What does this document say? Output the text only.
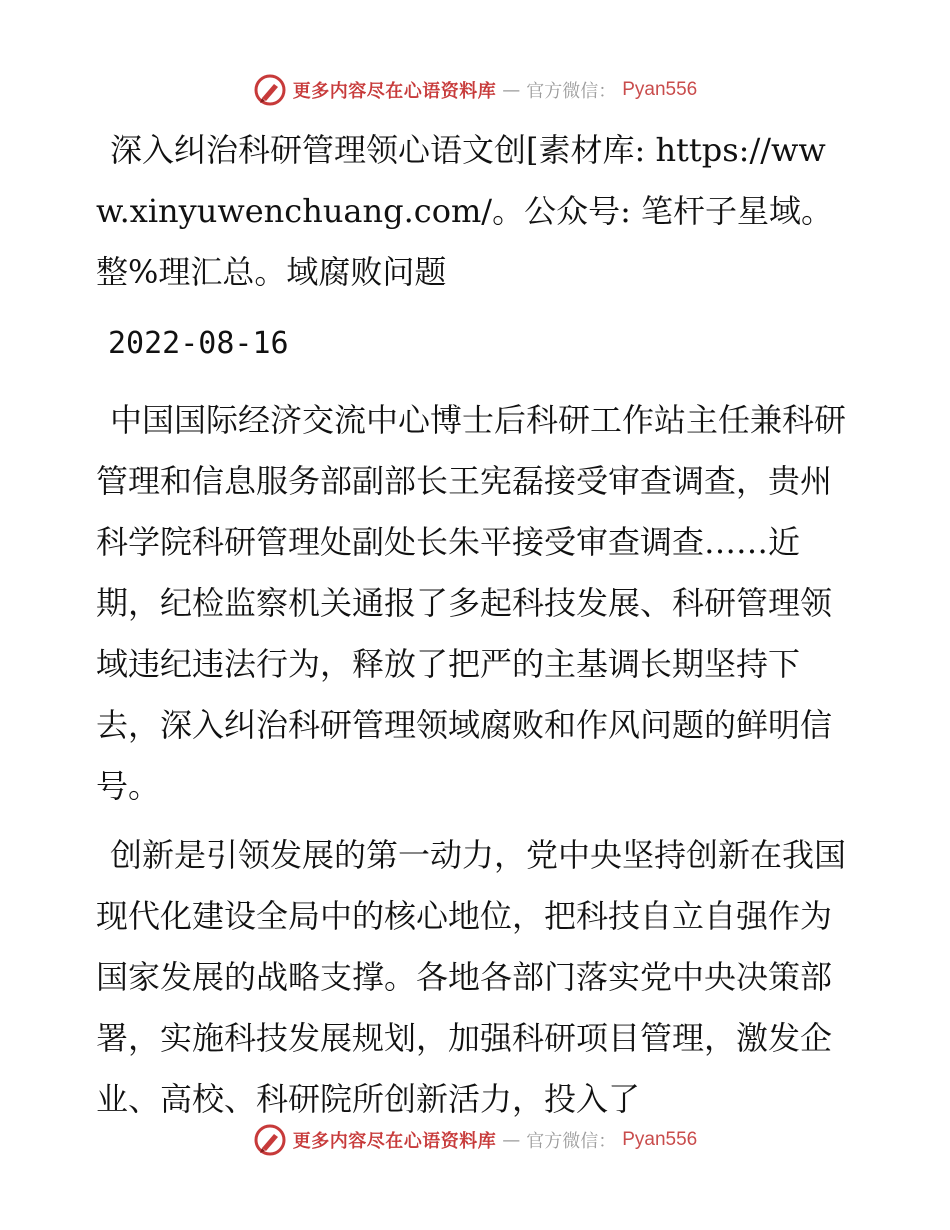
更多内容尽在心语资料库 — 官方微信： Pyan556

深入纠治科研管理领心语文创[素材库: https://www.xinyuwenchuang.com/。公众号: 笔杆子星域。整%理汇总。域腐败问题

2022-08-16

中国国际经济交流中心博士后科研工作站主任兼科研管理和信息服务部副部长王宪磊接受审查调查，贵州科学院科研管理处副处长朱平接受审查调查……近期，纪检监察机关通报了多起科技发展、科研管理领域违纪违法行为，释放了把严的主基调长期坚持下去，深入纠治科研管理领域腐败和作风问题的鲜明信号。

创新是引领发展的第一动力，党中央坚持创新在我国现代化建设全局中的核心地位，把科技自立自强作为国家发展的战略支撑。各地各部门落实党中央决策部署，实施科技发展规划，加强科研项目管理，激发企业、高校、科研院所创新活力，投入了

更多内容尽在心语资料库 — 官方微信： Pyan556
